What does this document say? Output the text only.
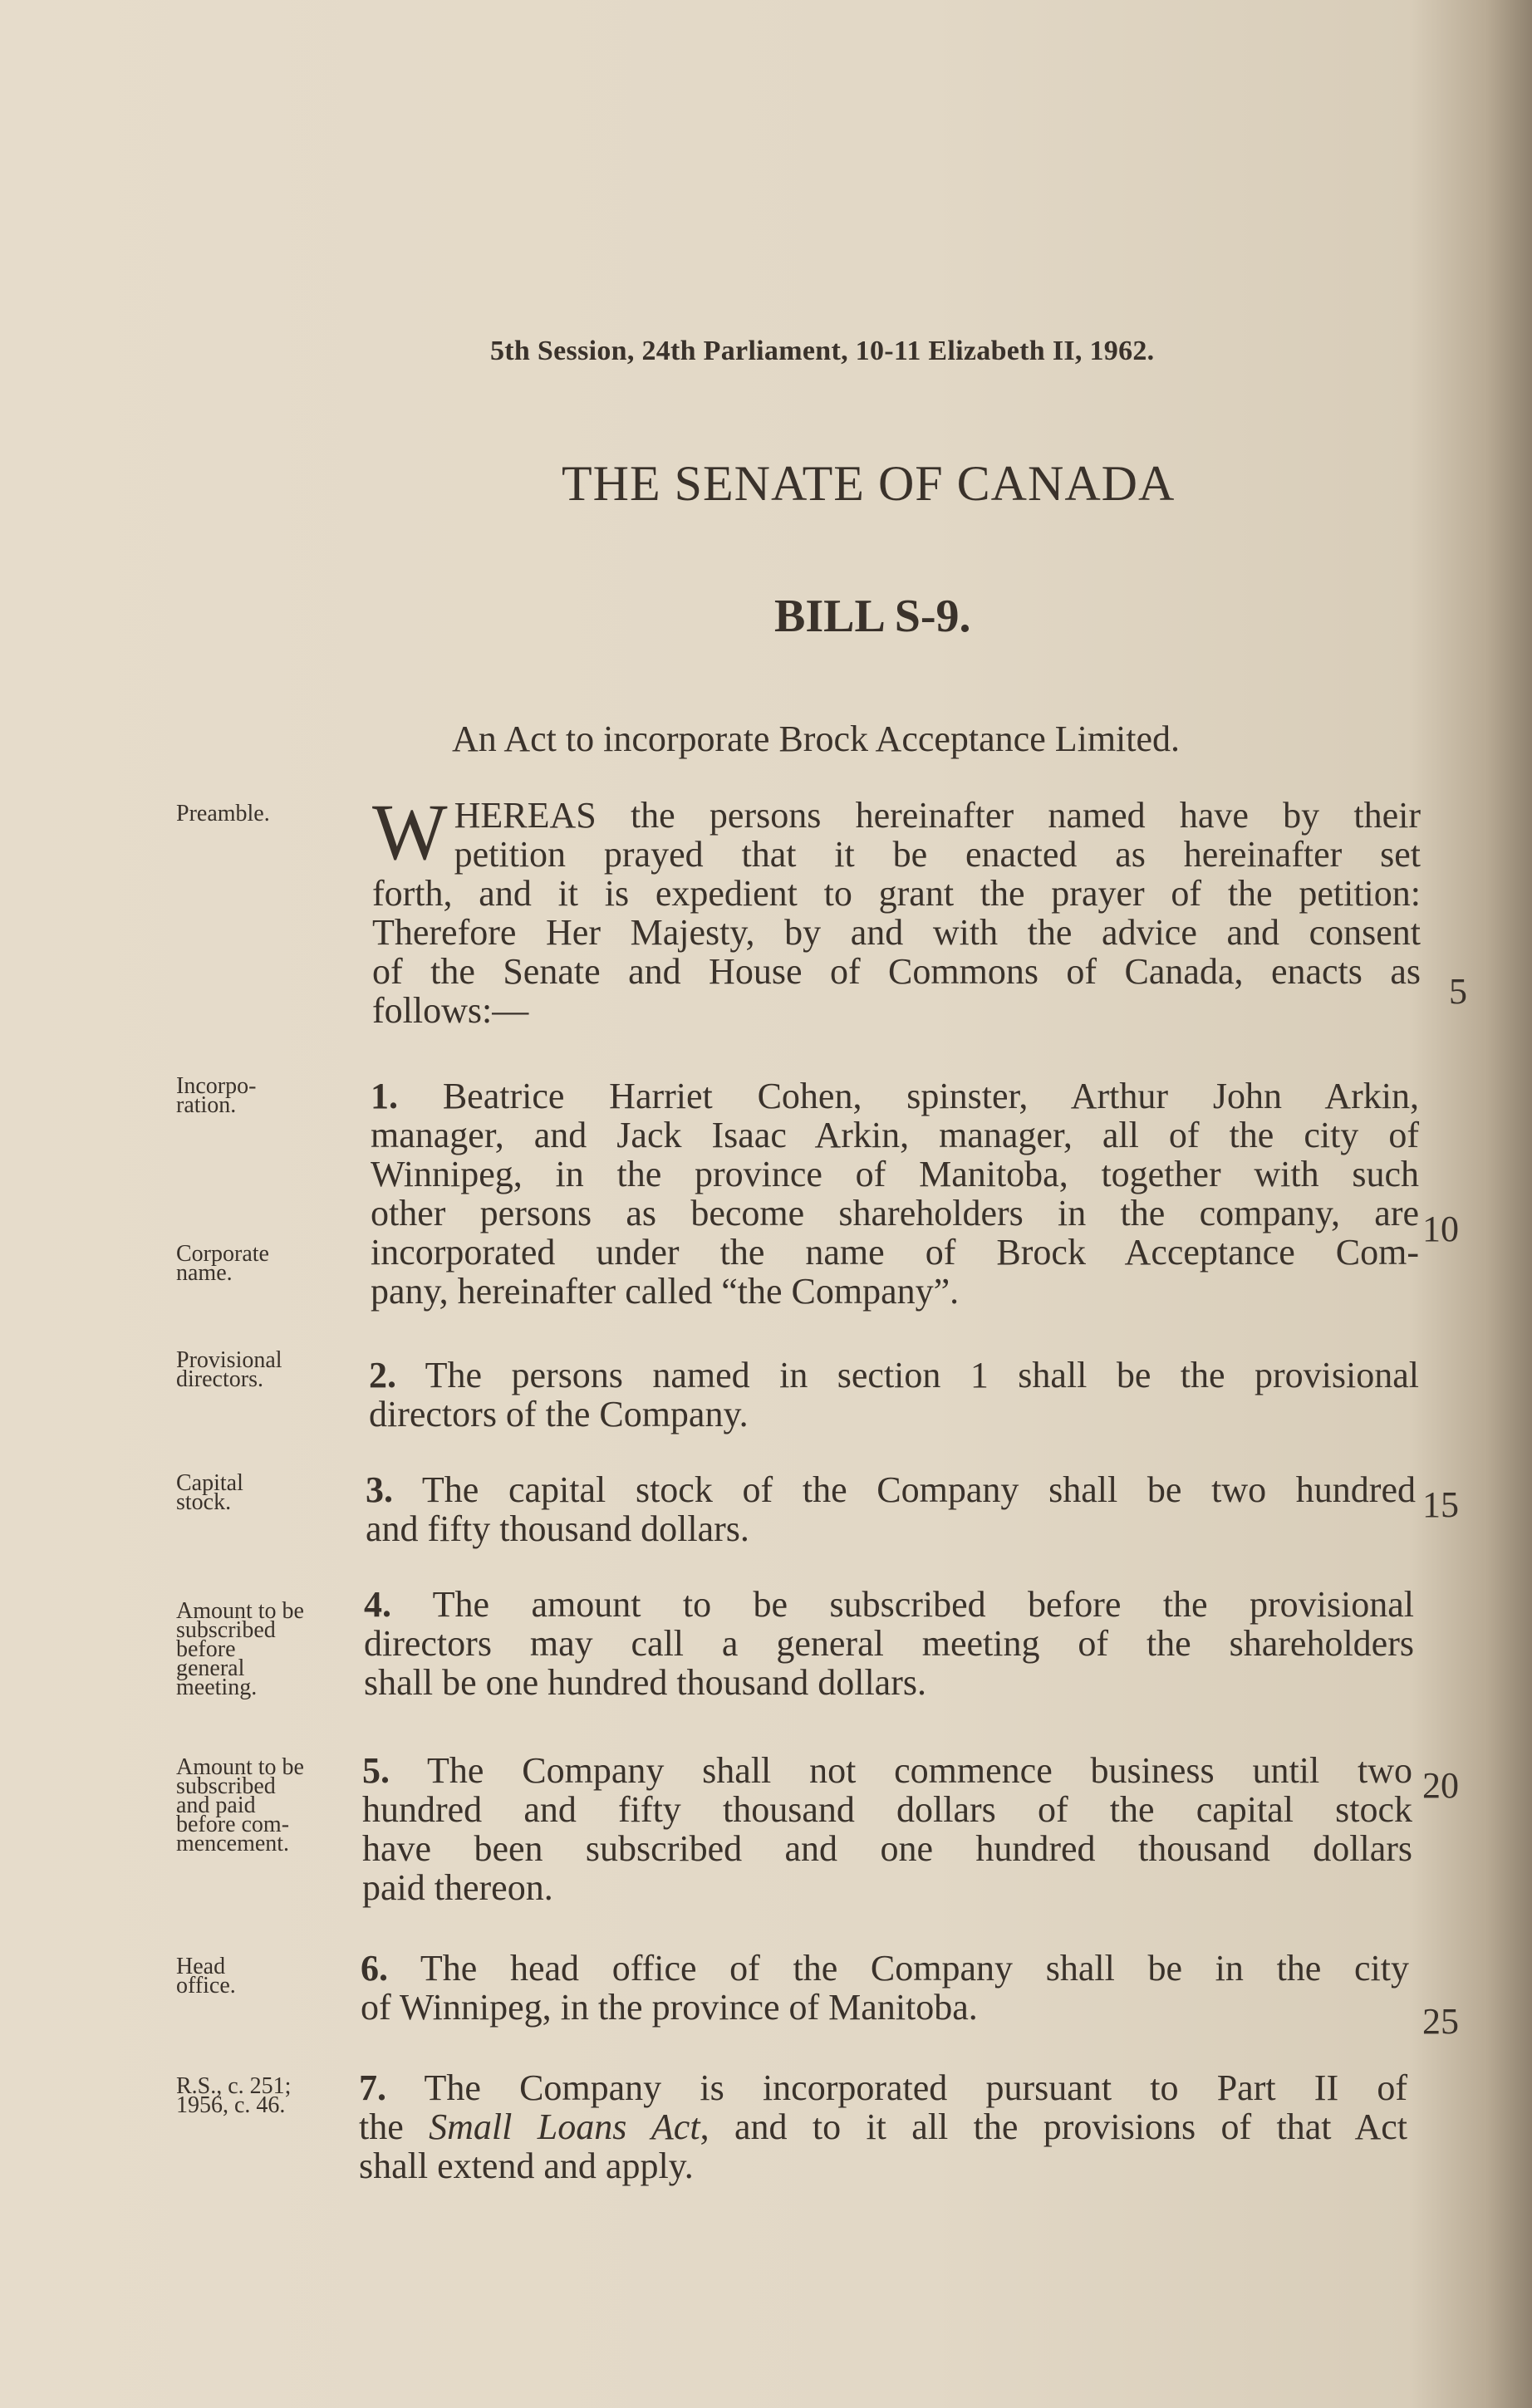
5th Session, 24th Parliament, 10-11 Elizabeth II, 1962.
THE SENATE OF CANADA
BILL S-9.
An Act to incorporate Brock Acceptance Limited.
Preamble.	W HEREAS the persons hereinafter named have by their
petition prayed that it be enacted as hereinafter set
forth, and it is expedient to grant the prayer of the petition:
Therefore Her Majesty, by and with the advice and consent
of the Senate and House of Commons of Canada, enacts as
follows:—	5
Incorpo-
ration.
Corporate
name.
1. Beatrice Harriet Cohen, spinster, Arthur John Arkin,
manager, and Jack Isaac Arkin, manager, all of the city of
Winnipeg, in the province of Manitoba, together with such
other persons as become shareholders in the company, are
incorporated under the name of Brock Acceptance Com-
pany, hereinafter called “the Company”.
10
Provisional
directors.	2. The persons named in section 1 shall be the provisional
directors of the Company.
Capital
stock.	3. The capital stock of the Company shall be two hundred
and fifty thousand dollars.
15
Amount to be
subscribed
before
general
meeting.
4. The amount to be subscribed before the provisional
directors may call a general meeting of the shareholders
shall be one hundred thousand dollars.
Amount to be
subscribed
and paid
before com-
mencement.
5. The Company shall not commence business until two
hundred and fifty thousand dollars of the capital stock
have been subscribed and one hundred thousand dollars
paid thereon.
20
Head
office.	6. The head office of the Company shall be in the city
of Winnipeg, in the province of Manitoba.	25
R.S., c. 251;
1956, c. 46.	7. The Company is incorporated pursuant to Part II of
the Small Loans Act, and to it all the provisions of that Act
shall extend and apply.
